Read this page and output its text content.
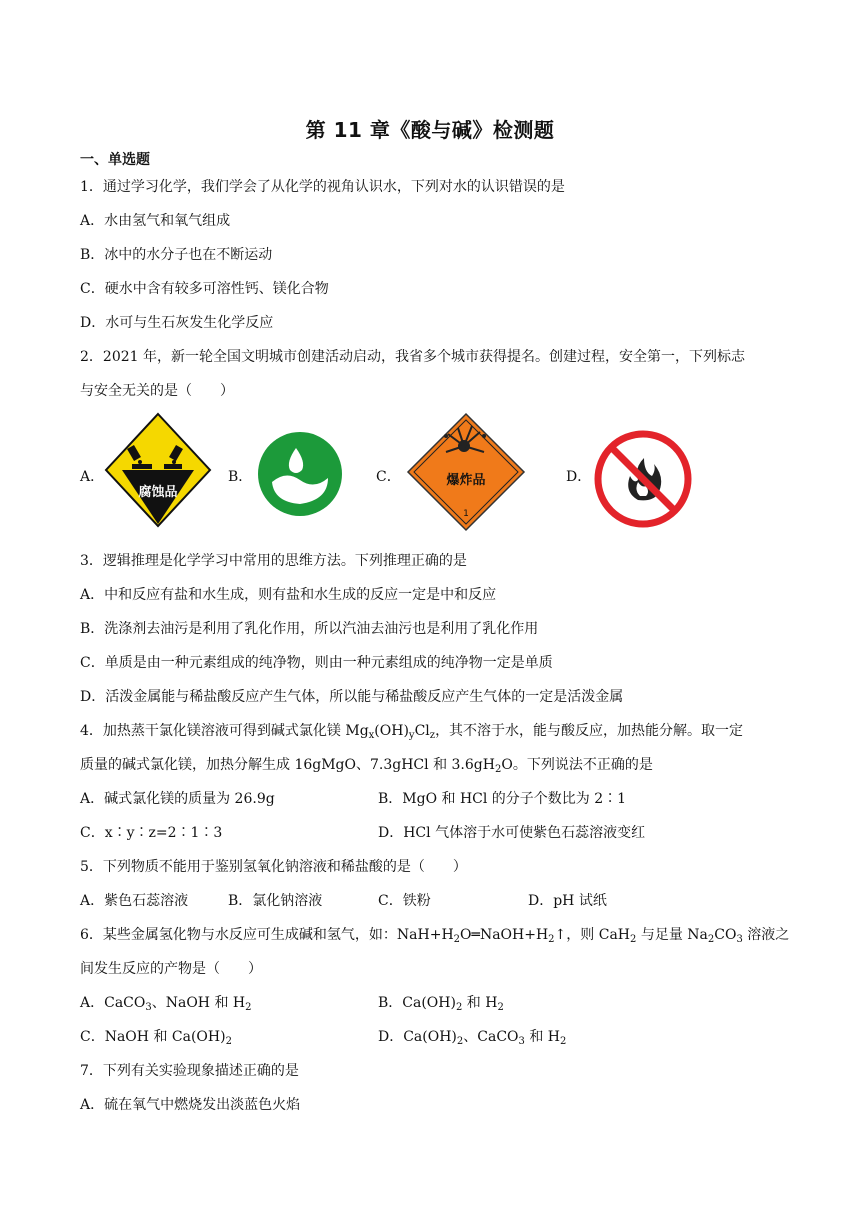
第 11 章《酸与碱》检测题
一、单选题
1．通过学习化学，我们学会了从化学的视角认识水，下列对水的认识错误的是
A．水由氢气和氧气组成
B．冰中的水分子也在不断运动
C．硬水中含有较多可溶性钙、镁化合物
D．水可与生石灰发生化学反应
2．2021 年，新一轮全国文明城市创建活动启动，我省多个城市获得提名。创建过程，安全第一，下列标志
与安全无关的是（　　）
A．
腐蚀品
B．	C．	爆炸品
1
D．
3．逻辑推理是化学学习中常用的思维方法。下列推理正确的是
A．中和反应有盐和水生成，则有盐和水生成的反应一定是中和反应
B．洗涤剂去油污是利用了乳化作用，所以汽油去油污也是利用了乳化作用
C．单质是由一种元素组成的纯净物，则由一种元素组成的纯净物一定是单质
D．活泼金属能与稀盐酸反应产生气体，所以能与稀盐酸反应产生气体的一定是活泼金属
4．加热蒸干氯化镁溶液可得到碱式氯化镁 $Mg_x(OH)_yCl_z$，其不溶于水，能与酸反应，加热能分解。取一定
质量的碱式氯化镁，加热分解生成 16gMgO、7.3gHCl 和 $3.6gH_2O$。下列说法不正确的是
A．碱式氯化镁的质量为 26.9g	B．MgO 和 HCl 的分子个数比为 2∶1
C．x∶y∶z=2∶1∶3	D．HCl 气体溶于水可使紫色石蕊溶液变红
5．下列物质不能用于鉴别氢氧化钠溶液和稀盐酸的是（　　）
A．紫色石蕊溶液	B．氯化钠溶液	C．铁粉	D．pH 试纸
6．某些金属氢化物与水反应可生成碱和氢气，如：$NaH+H_2O═NaOH+H_2↑$，则 CaH$_2$ 与足量 $Na_2CO_3$ 溶液之
间发生反应的产物是（　　）
A．CaCO$_3$、NaOH 和 $H_2$	B．$Ca(OH)_2$ 和 $H_2$
C．NaOH 和 $Ca(OH)_2$	D．$Ca(OH)_2$、CaCO$_3$ 和 $H_2$
7．下列有关实验现象描述正确的是
A．硫在氧气中燃烧发出淡蓝色火焰
